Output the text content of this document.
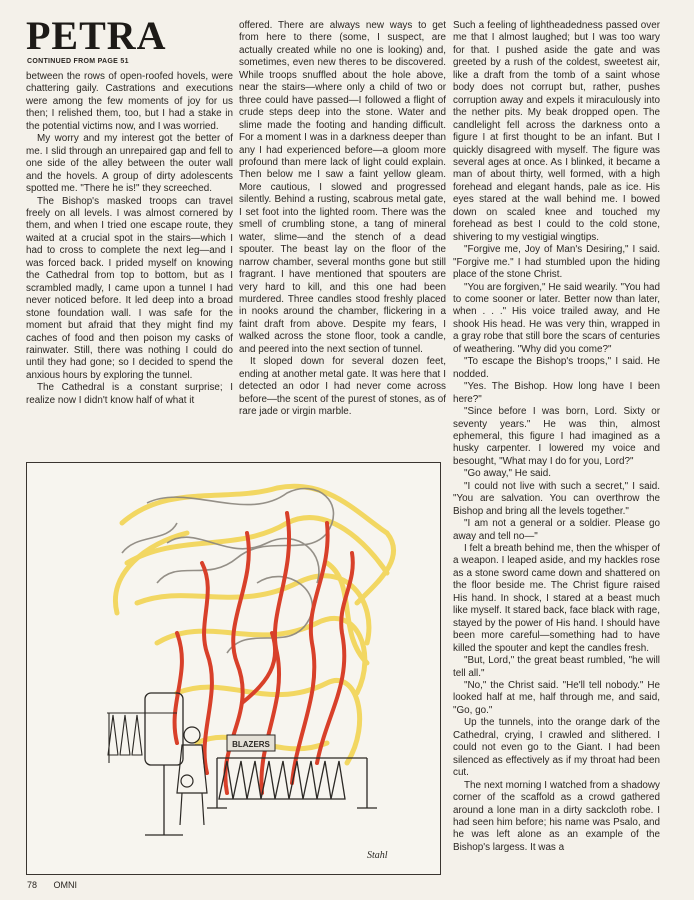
PETRA
CONTINUED FROM PAGE 51

between the rows of open-roofed hovels, were chattering gaily. Castrations and executions were among the few moments of joy for us then; I relished them, too, but I had a stake in the potential victims now, and I was worried.

My worry and my interest got the better of me. I slid through an unrepaired gap and fell to one side of the alley between the outer wall and the hovels. A group of dirty adolescents spotted me. "There he is!" they screeched.

The Bishop's masked troops can travel freely on all levels. I was almost cornered by them, and when I tried one escape route, they waited at a crucial spot in the stairs—which I had to cross to complete the next leg—and I was forced back. I prided myself on knowing the Cathedral from top to bottom, but as I scrambled madly, I came upon a tunnel I had never noticed before. It led deep into a broad stone foundation wall. I was safe for the moment but afraid that they might find my caches of food and then poison my casks of rainwater. Still, there was nothing I could do until they had gone; so I decided to spend the anxious hours by exploring the tunnel.

The Cathedral is a constant surprise; I realize now I didn't know half of what it

offered. There are always new ways to get from here to there (some, I suspect, are actually created while no one is looking) and, sometimes, even new theres to be discovered. While troops snuffled about the hole above, near the stairs—where only a child of two or three could have passed—I followed a flight of crude steps deep into the stone. Water and slime made the footing and handing difficult. For a moment I was in a darkness deeper than any I had experienced before—a gloom more profound than mere lack of light could explain. Then below me I saw a faint yellow gleam. More cautious, I slowed and progressed silently. Behind a rusting, scabrous metal gate, I set foot into the lighted room. There was the smell of crumbling stone, a tang of mineral water, slime—and the stench of a dead spouter. The beast lay on the floor of the narrow chamber, several months gone but still fragrant. I have mentioned that spouters are very hard to kill, and this one had been murdered. Three candles stood freshly placed in nooks around the chamber, flickering in a faint draft from above. Despite my fears, I walked across the stone floor, took a candle, and peered into the next section of tunnel.

It sloped down for several dozen feet, ending at another metal gate. It was here that I detected an odor I had never come across before—the scent of the purest of stones, as of rare jade or virgin marble.

Such a feeling of lightheadedness passed over me that I almost laughed; but I was too wary for that. I pushed aside the gate and was greeted by a rush of the coldest, sweetest air, like a draft from the tomb of a saint whose body does not corrupt but, rather, pushes corruption away and expels it miraculously into the nether pits. My beak dropped open. The candlelight fell across the darkness onto a figure I at first thought to be an infant. But I quickly disagreed with myself. The figure was several ages at once. As I blinked, it became a man of about thirty, well formed, with a high forehead and elegant hands, pale as ice. His eyes stared at the wall behind me. I bowed down on scaled knee and touched my forehead as best I could to the cold stone, shivering to my vestigial wingtips.

"Forgive me, Joy of Man's Desiring," I said. "Forgive me." I had stumbled upon the hiding place of the stone Christ.

"You are forgiven," He said wearily. "You had to come sooner or later. Better now than later, when . . ." His voice trailed away, and He shook His head. He was very thin, wrapped in a gray robe that still bore the scars of centuries of weathering. "Why did you come?"

"To escape the Bishop's troops," I said. He nodded.

"Yes. The Bishop. How long have I been here?"

"Since before I was born, Lord. Sixty or seventy years." He was thin, almost ephemeral, this figure I had imagined as a husky carpenter. I lowered my voice and besought, "What may I do for you, Lord?"

"Go away," He said.

"I could not live with such a secret," I said. "You are salvation. You can overthrow the Bishop and bring all the levels together."

"I am not a general or a soldier. Please go away and tell no—"

I felt a breath behind me, then the whisper of a weapon. I leaped aside, and my hackles rose as a stone sword came down and shattered on the floor beside me. The Christ figure raised His hand. In shock, I stared at a beast much like myself. It stared back, face black with rage, stayed by the power of His hand. I should have been more careful—something had to have killed the spouter and kept the candles fresh.

"But, Lord," the great beast rumbled, "he will tell all."

"No," the Christ said. "He'll tell nobody." He looked half at me, half through me, and said, "Go, go."

Up the tunnels, into the orange dark of the Cathedral, crying, I crawled and slithered. I could not even go to the Giant. I had been silenced as effectively as if my throat had been cut.

The next morning I watched from a shadowy corner of the scaffold as a crowd gathered around a lone man in a dirty sackcloth robe. I had seen him before; his name was Psalo, and he was left alone as an example of the Bishop's largess. It was a

BLAZERS
Stahl
78 OMNI
